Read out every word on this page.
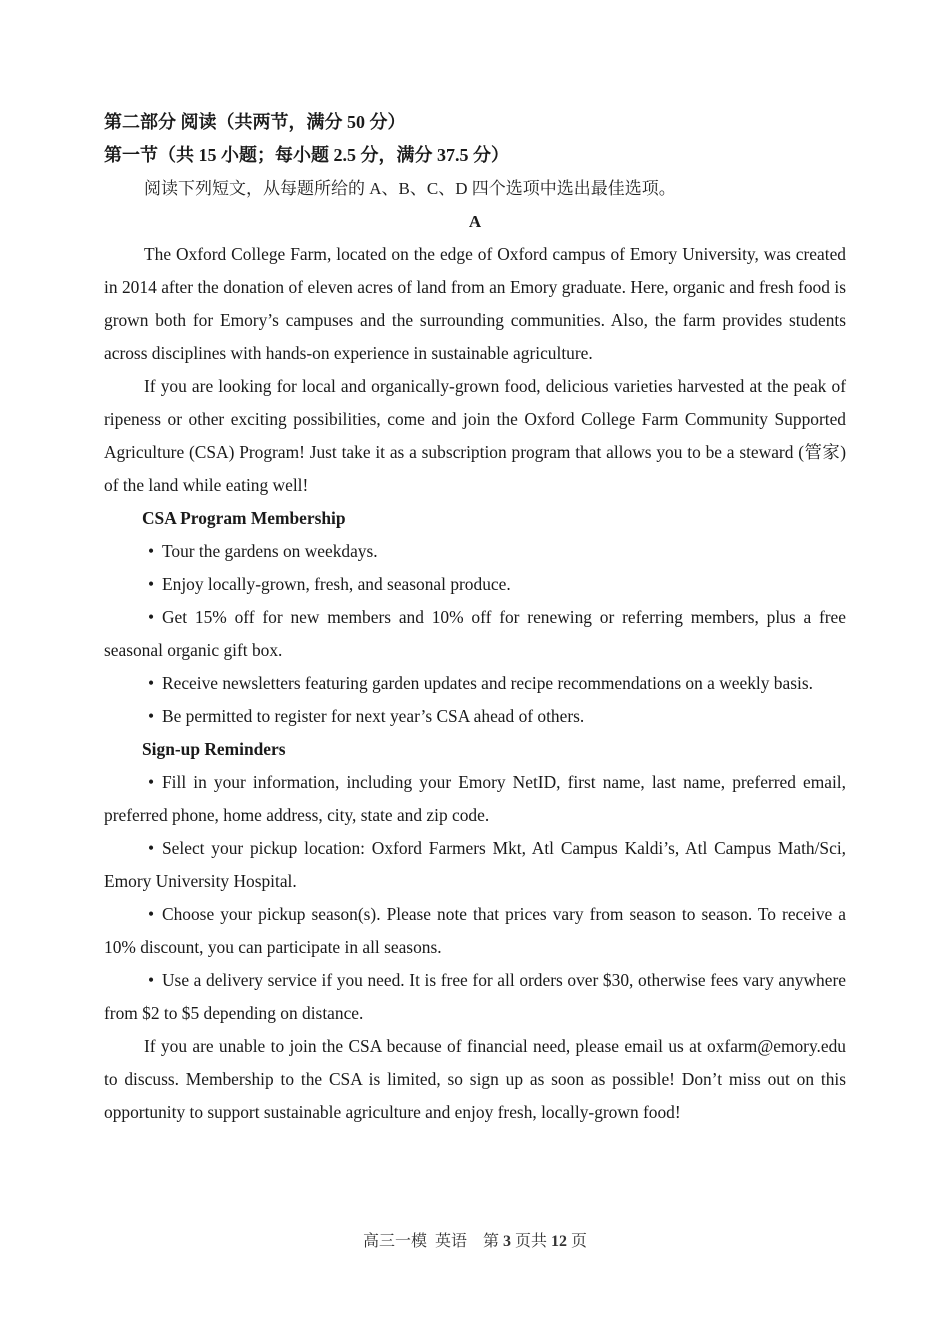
第二部分 阅读（共两节，满分 50 分）
第一节（共 15 小题；每小题 2.5 分，满分 37.5 分）
阅读下列短文，从每题所给的 A、B、C、D 四个选项中选出最佳选项。
A

The Oxford College Farm, located on the edge of Oxford campus of Emory University, was created in 2014 after the donation of eleven acres of land from an Emory graduate. Here, organic and fresh food is grown both for Emory’s campuses and the surrounding communities. Also, the farm provides students across disciplines with hands-on experience in sustainable agriculture.

If you are looking for local and organically-grown food, delicious varieties harvested at the peak of ripeness or other exciting possibilities, come and join the Oxford College Farm Community Supported Agriculture (CSA) Program! Just take it as a subscription program that allows you to be a steward (管家) of the land while eating well!

CSA Program Membership

• Tour the gardens on weekdays.

• Enjoy locally-grown, fresh, and seasonal produce.

• Get 15% off for new members and 10% off for renewing or referring members, plus a free seasonal organic gift box.

• Receive newsletters featuring garden updates and recipe recommendations on a weekly basis.

• Be permitted to register for next year’s CSA ahead of others.

Sign-up Reminders

• Fill in your information, including your Emory NetID, first name, last name, preferred email, preferred phone, home address, city, state and zip code.

• Select your pickup location: Oxford Farmers Mkt, Atl Campus Kaldi’s, Atl Campus Math/Sci, Emory University Hospital.

• Choose your pickup season(s). Please note that prices vary from season to season. To receive a 10% discount, you can participate in all seasons.

• Use a delivery service if you need. It is free for all orders over $30, otherwise fees vary anywhere from $2 to $5 depending on distance.

If you are unable to join the CSA because of financial need, please email us at oxfarm@emory.edu to discuss. Membership to the CSA is limited, so sign up as soon as possible! Don’t miss out on this opportunity to support sustainable agriculture and enjoy fresh, locally-grown food!

高三一模  英语 第 3 页共 12 页
